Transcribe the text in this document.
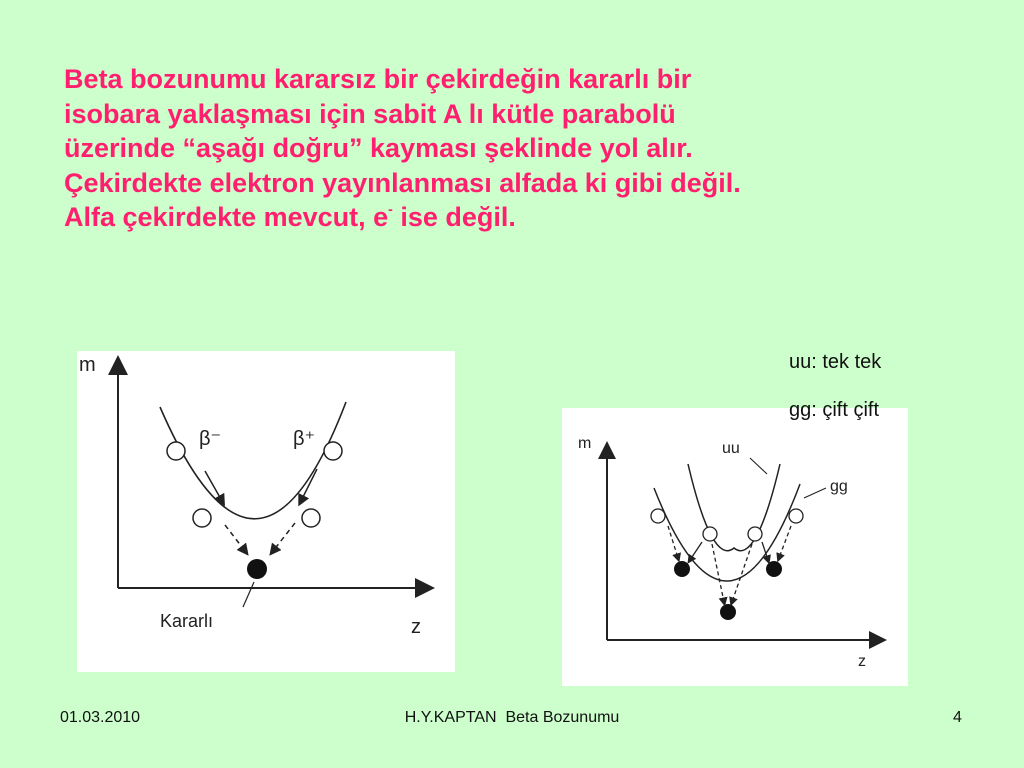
Beta bozunumu kararsız bir çekirdeğin kararlı bir
isobara yaklaşması için sabit A lı kütle parabolü
üzerinde “aşağı doğru” kayması şeklinde yol alır.
Çekirdekte elektron yayınlanması alfada ki gibi değil.
Alfa çekirdekte mevcut, e- ise değil.
m
z
β⁻	β⁺
Kararlı
m
z
uu
gg
uu: tek tek
gg: çift çift
01.03.2010	H.Y.KAPTAN  Beta Bozunumu	4
